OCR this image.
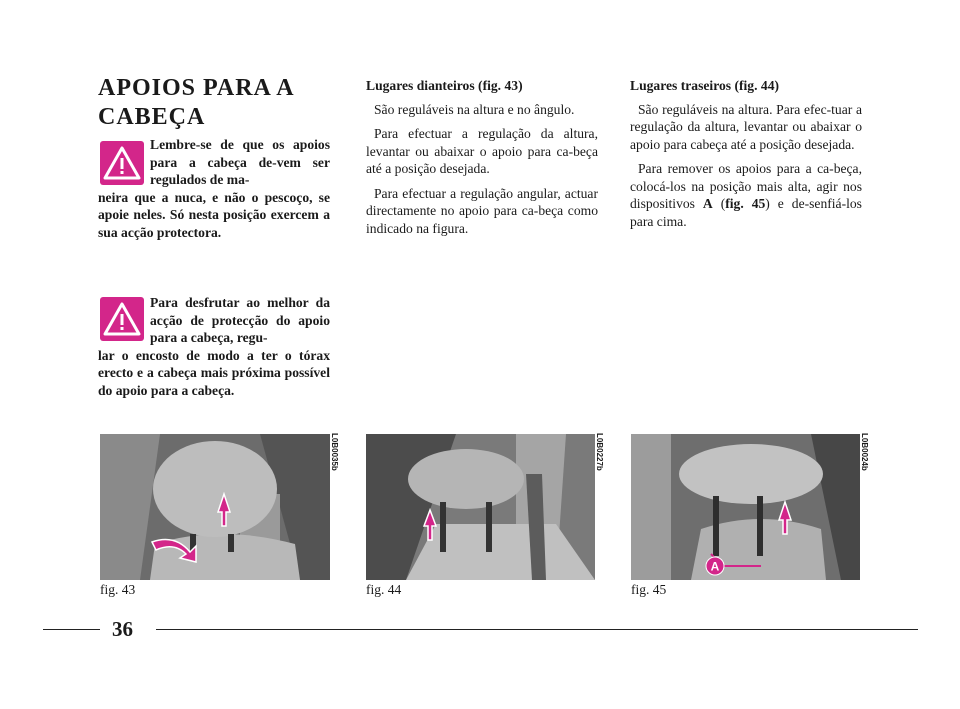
APOIOS PARA A
CABEÇA

Lembre-se de que os apoios para a cabeça de-vem ser regulados de ma-

neira que a nuca, e não o pescoço, se apoie neles. Só nesta posição exercem a sua acção protectora.

Para desfrutar ao melhor da acção de protecção do apoio para a cabeça, regu-

lar o encosto de modo a ter o tórax erecto e a cabeça mais próxima possível do apoio para a cabeça.

Lugares dianteiros (fig. 43)

São reguláveis na altura e no ângulo.

Para efectuar a regulação da altura, levantar ou abaixar o apoio para ca-beça até a posição desejada.

Para efectuar a regulação angular, actuar directamente no apoio para ca-beça como indicado na figura.

Lugares traseiros (fig. 44)

São reguláveis na altura. Para efec-tuar a regulação da altura, levantar ou abaixar o apoio para cabeça até a posição desejada.

Para remover os apoios para a ca-beça, colocá-los na posição mais alta, agir nos dispositivos A (fig. 45) e de-senfiá-los para cima.

L0B0035b
fig. 43
L0B0227b
fig. 44
A
L0B0024b
fig. 45
36
